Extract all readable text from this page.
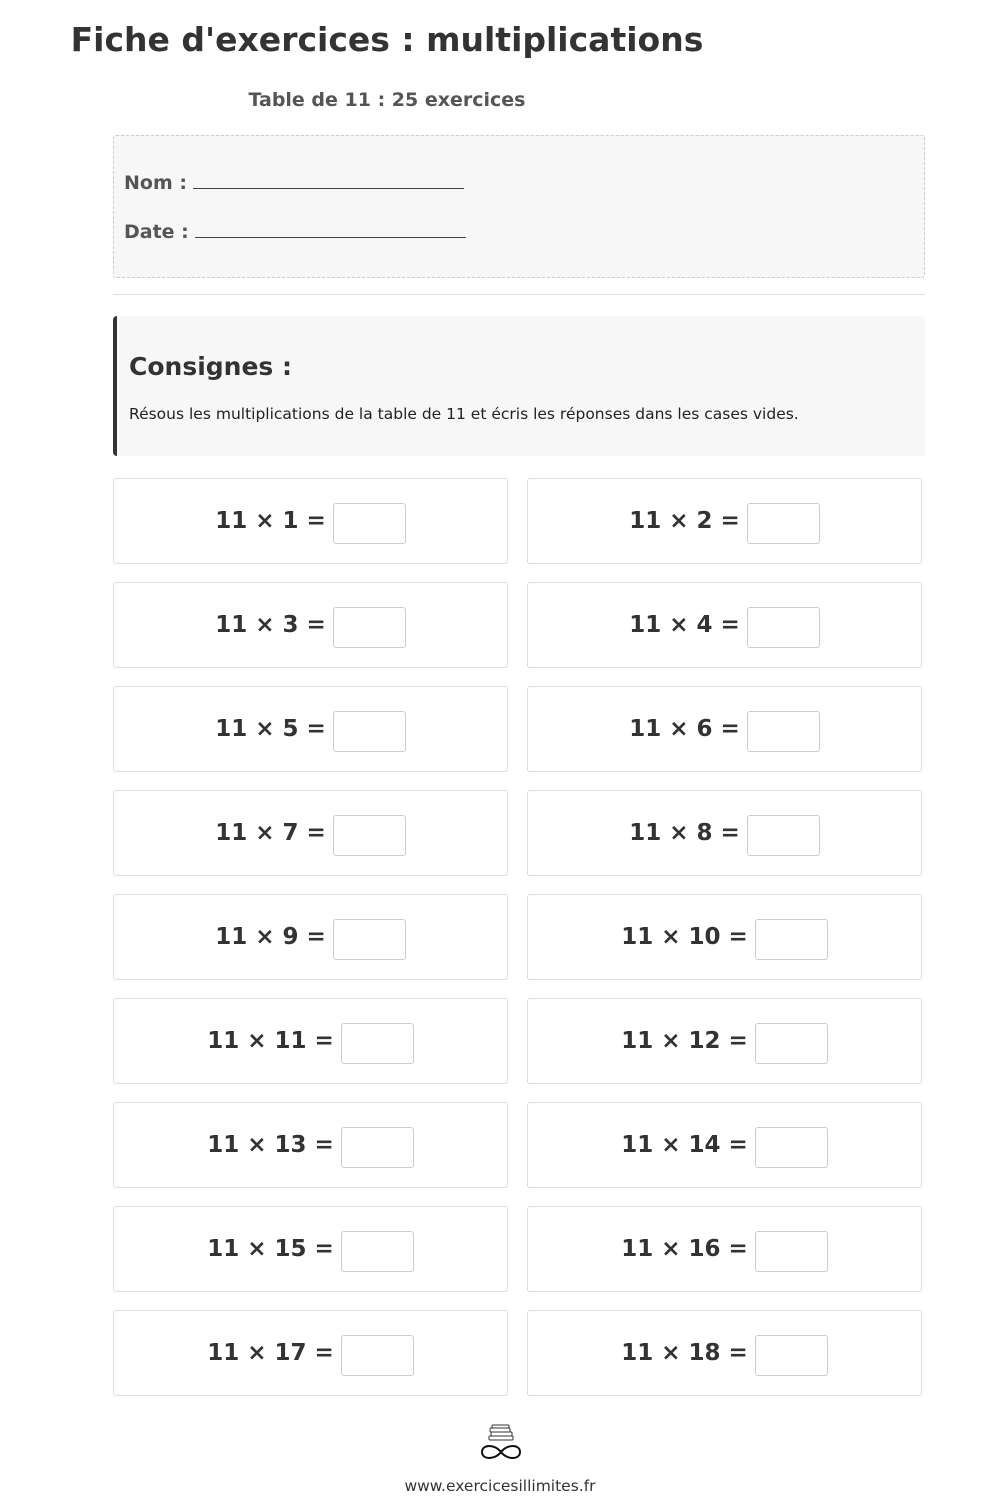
Fiche d'exercices : multiplications
Table de 11 : 25 exercices
Nom :
Date :
Consignes :
Résous les multiplications de la table de 11 et écris les réponses dans les cases vides.
11 × 1 =	11 × 2 =
11 × 3 =	11 × 4 =
11 × 5 =	11 × 6 =
11 × 7 =	11 × 8 =
11 × 9 =	11 × 10 =
11 × 11 =	11 × 12 =
11 × 13 =	11 × 14 =
11 × 15 =	11 × 16 =
11 × 17 =	11 × 18 =
www.exercicesillimites.fr
